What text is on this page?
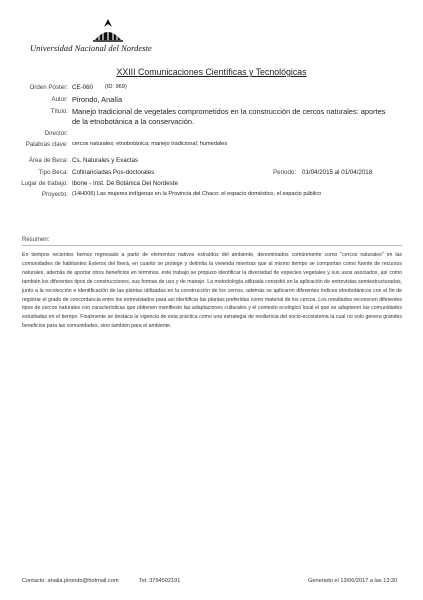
Universidad Nacional del Nordeste
XXIII Comunicaciones Científicas y Tecnológicas
Orden Póster: CE-060 (ID: 969)
Autor: Pirondo, Analía
Título: Manejo tradicional de vegetales comprometidos en la construcción de cercos naturales: aportes
de la etnobotánica a la conservación.
Director:
Palabras clave: cercos naturales; etnobotánica; manejo tradicional; humedales
Área de Beca: Cs. Naturales y Exactas
Tipo Beca: Cofinanciadas Pos-doctorales	Periodo: 01/04/2015 al 01/04/2018
Lugar de trabajo: Ibone - Inst. De Botánica Del Nordeste
Proyecto: (14H006) Las mujeres indígenas en la Provincia del Chaco: el espacio doméstico, el espacio público
Resumen:
En tiempos recientes hemos regresado a partir de elementos nativos extraídos del ambiente, denominados comúnmente como "cercos naturales" en las comunidades de habitantes Esteros del Iberá, en cuanto se protege y delimita la vivienda mientras que al mismo tiempo se comportan como fuente de recursos naturales, además de aportar otros beneficios en términos. este trabajo se propuso identificar la diversidad de especies vegetales y sus usos asociados, así como también los diferentes tipos de construcciones, sus formas de uso y de manejo. La metodología utilizada consistió en la aplicación de entrevistas semiestructuradas, junto a la recolección e identificación de las plantas utilizadas en la construcción de los cercos, además se aplicaron diferentes índices etnobotánicos con el fin de registrar el grado de concordancia entre los entrevistados para así identificar las plantas preferidas como material de los cercos. Los resultados reconocen diferentes tipos de cercos naturales con características que obtienen manifiesto las adaptaciones culturales y el contexto ecológico local el que se adaptaron las comunidades estudiadas en el tiempo. Finalmente se destaca la vigencia de esta práctica como una estrategia de resiliencia del socio-ecosistema la cual no solo genera grandes beneficios para las comunidades, sino también para el ambiente.
Contacto: analia.pirondo@hotmail.com	Tel: 3794502191	Generado el 13/06/2017 a las 13:20
